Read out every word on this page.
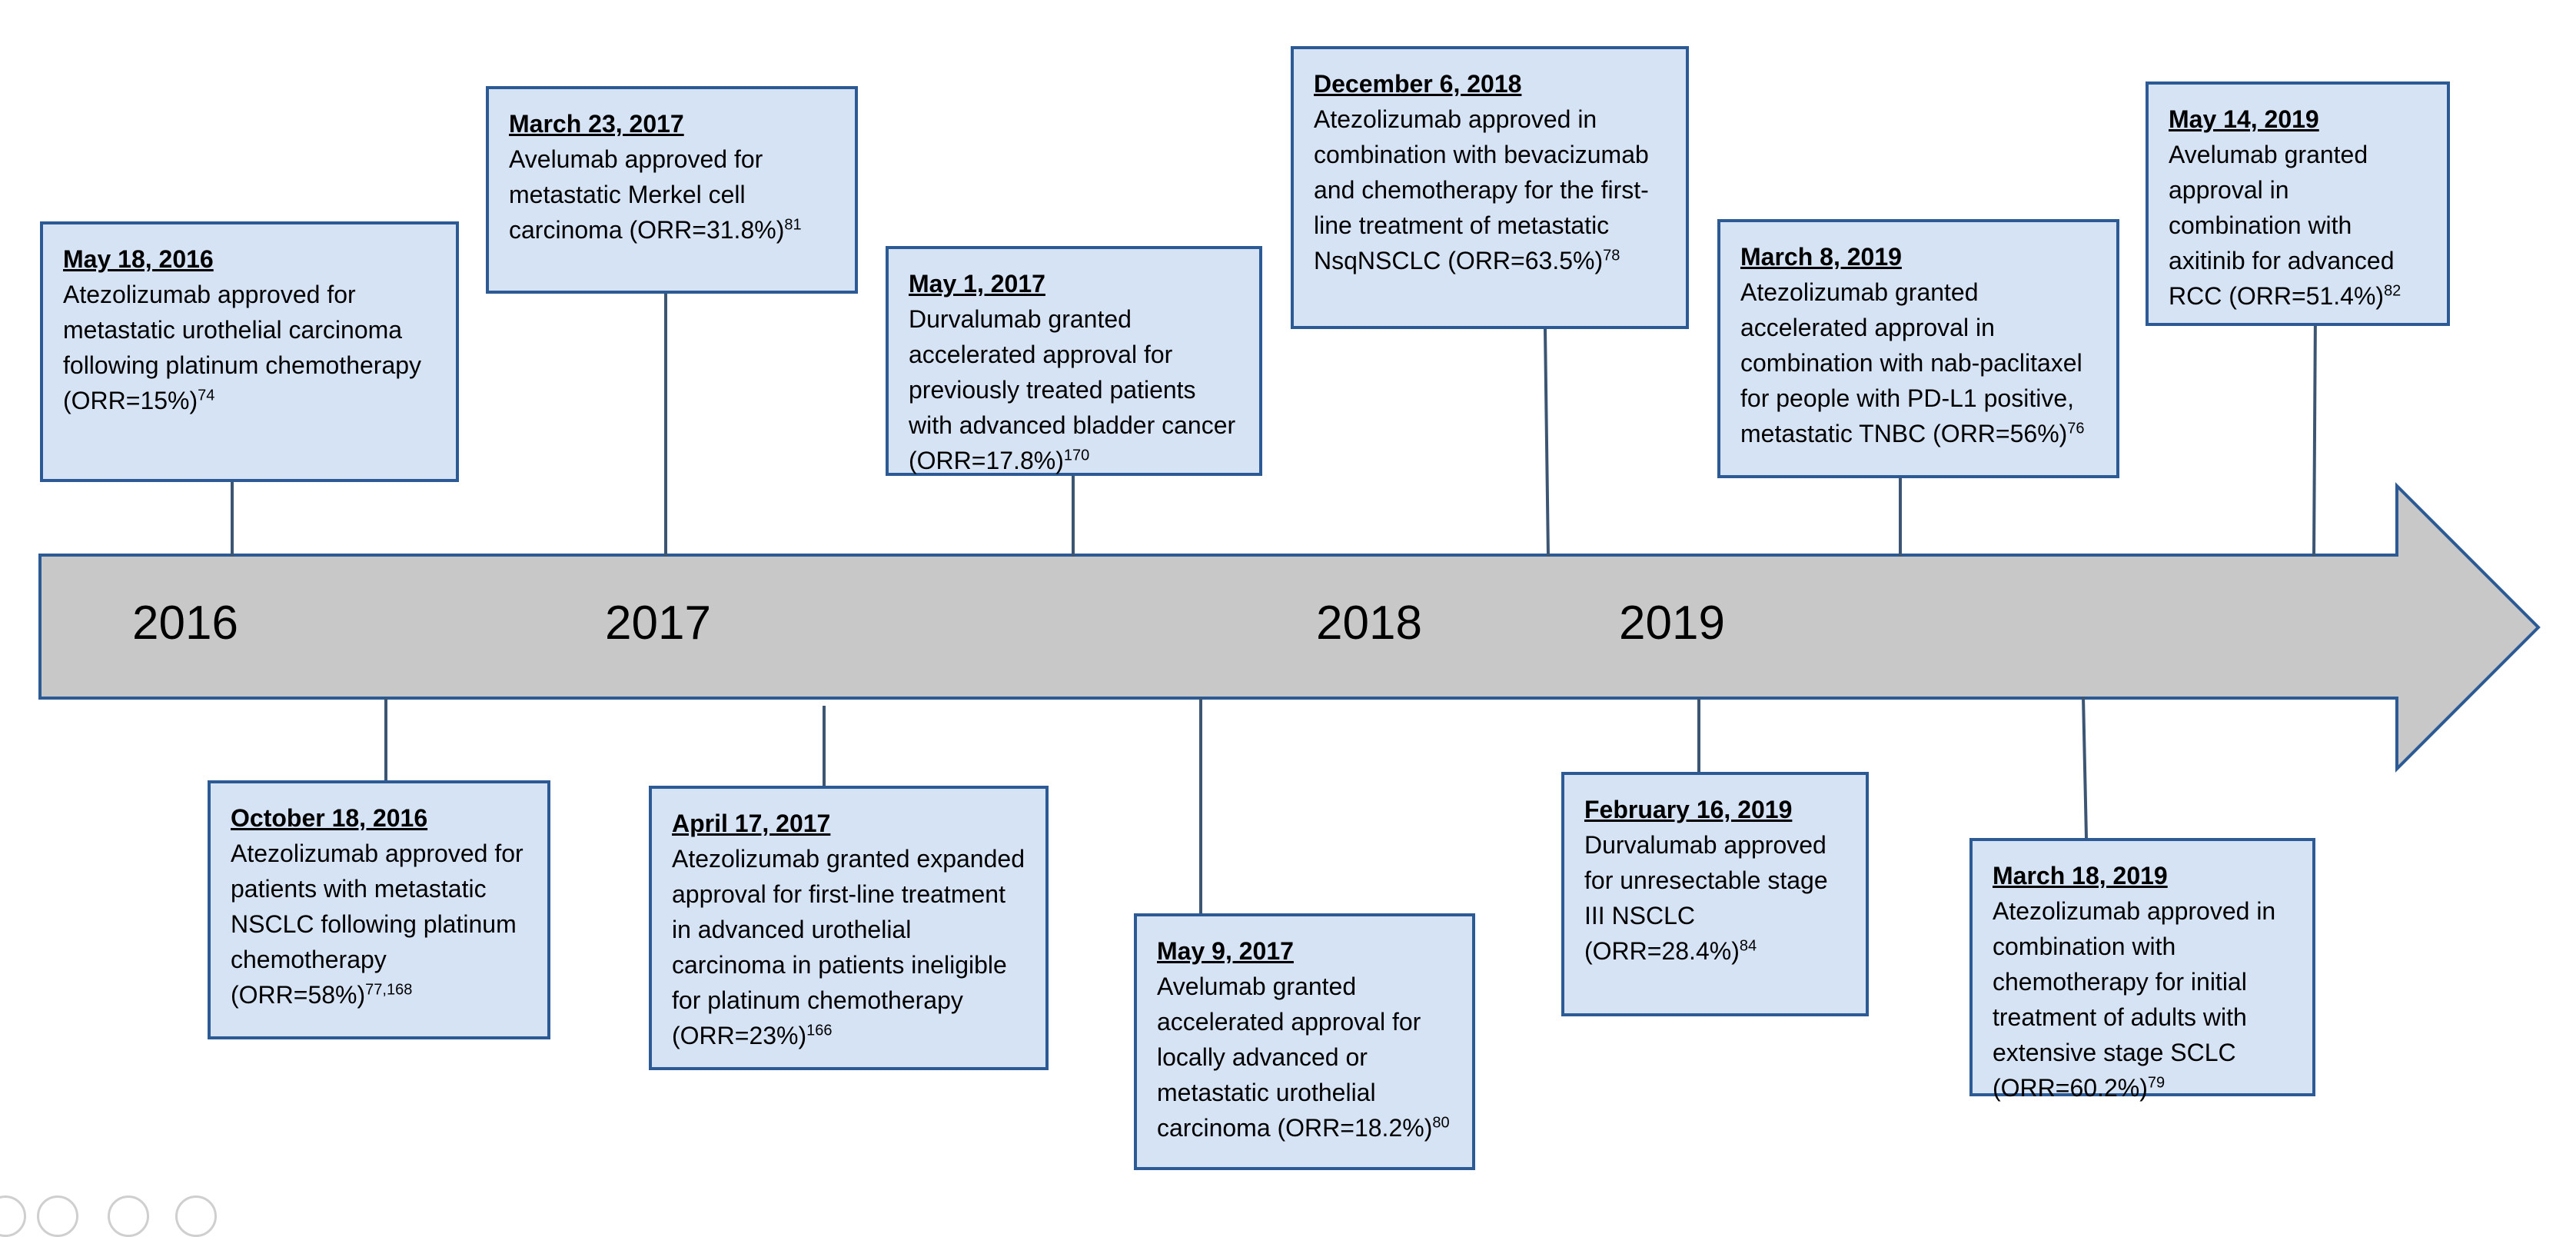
2016	2017	2018	2019
May 18, 2016
Atezolizumab approved for metastatic urothelial carcinoma following platinum chemotherapy (ORR=15%)$^{74}$
March 23, 2017
Avelumab approved for metastatic Merkel cell carcinoma (ORR=31.8%)$^{81}$
May 1, 2017
Durvalumab granted accelerated approval for previously treated patients with advanced bladder cancer (ORR=17.8%)$^{170}$
December 6, 2018
Atezolizumab approved in combination with bevacizumab and chemotherapy for the first-line treatment of metastatic NsqNSCLC (ORR=63.5%)$^{78}$	March 8, 2019
Atezolizumab granted accelerated approval in combination with nab-paclitaxel for people with PD-L1 positive, metastatic TNBC (ORR=56%)$^{76}$
May 14, 2019
Avelumab granted approval in combination with axitinib for advanced RCC (ORR=51.4%)$^{82}$
October 18, 2016
Atezolizumab approved for patients with metastatic NSCLC following platinum chemotherapy (ORR=58%)$^{77,168}$
April 17, 2017
Atezolizumab granted expanded approval for first-line treatment in advanced urothelial carcinoma in patients ineligible for platinum chemotherapy (ORR=23%)$^{166}$
May 9, 2017
Avelumab granted accelerated approval for locally advanced or metastatic urothelial carcinoma (ORR=18.2%)$^{80}$
February 16, 2019
Durvalumab approved for unresectable stage III NSCLC (ORR=28.4%)$^{84}$
March 18, 2019
Atezolizumab approved in combination with chemotherapy for initial treatment of adults with extensive stage SCLC (ORR=60.2%)$^{79}$
